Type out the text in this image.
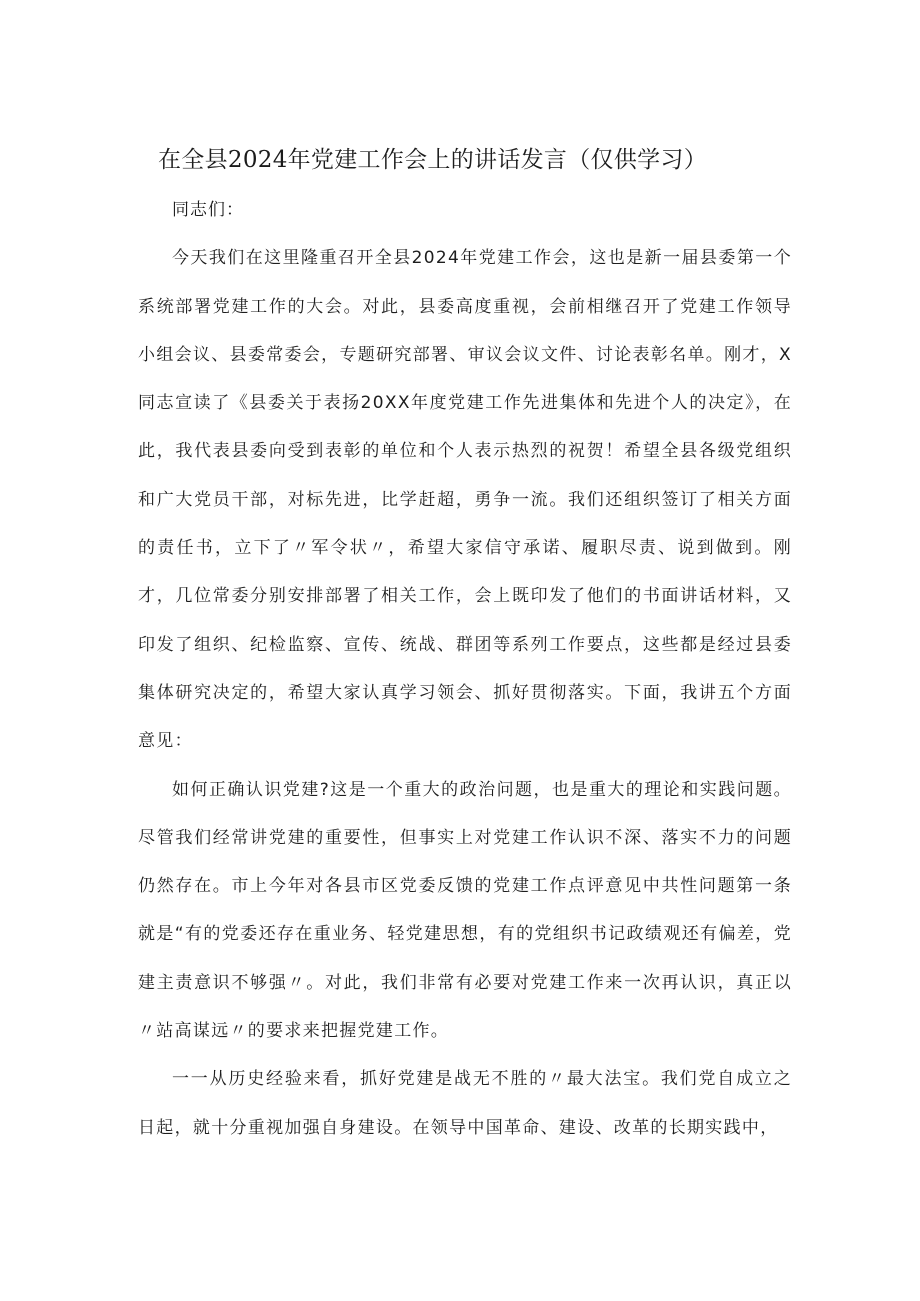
在全县2024年党建工作会上的讲话发言（仅供学习）

同志们：

今天我们在这里隆重召开全县2024年党建工作会，这也是新一届县委第一个系统部署党建工作的大会。对此，县委高度重视，会前相继召开了党建工作领导小组会议、县委常委会，专题研究部署、审议会议文件、讨论表彰名单。刚才，X同志宣读了《县委关于表扬20XX年度党建工作先进集体和先进个人的决定》，在此，我代表县委向受到表彰的单位和个人表示热烈的祝贺！希望全县各级党组织和广大党员干部，对标先进，比学赶超，勇争一流。我们还组织签订了相关方面的责任书，立下了〃军令状〃，希望大家信守承诺、履职尽责、说到做到。刚才，几位常委分别安排部署了相关工作，会上既印发了他们的书面讲话材料，又印发了组织、纪检监察、宣传、统战、群团等系列工作要点，这些都是经过县委集体研究决定的，希望大家认真学习领会、抓好贯彻落实。下面，我讲五个方面意见：

如何正确认识党建?这是一个重大的政治问题，也是重大的理论和实践问题。尽管我们经常讲党建的重要性，但事实上对党建工作认识不深、落实不力的问题仍然存在。市上今年对各县市区党委反馈的党建工作点评意见中共性问题第一条就是“有的党委还存在重业务、轻党建思想，有的党组织书记政绩观还有偏差，党建主责意识不够强〃。对此，我们非常有必要对党建工作来一次再认识，真正以〃站高谋远〃的要求来把握党建工作。

一一从历史经验来看，抓好党建是战无不胜的〃最大法宝。我们党自成立之日起，就十分重视加强自身建设。在领导中国革命、建设、改革的长期实践中，
